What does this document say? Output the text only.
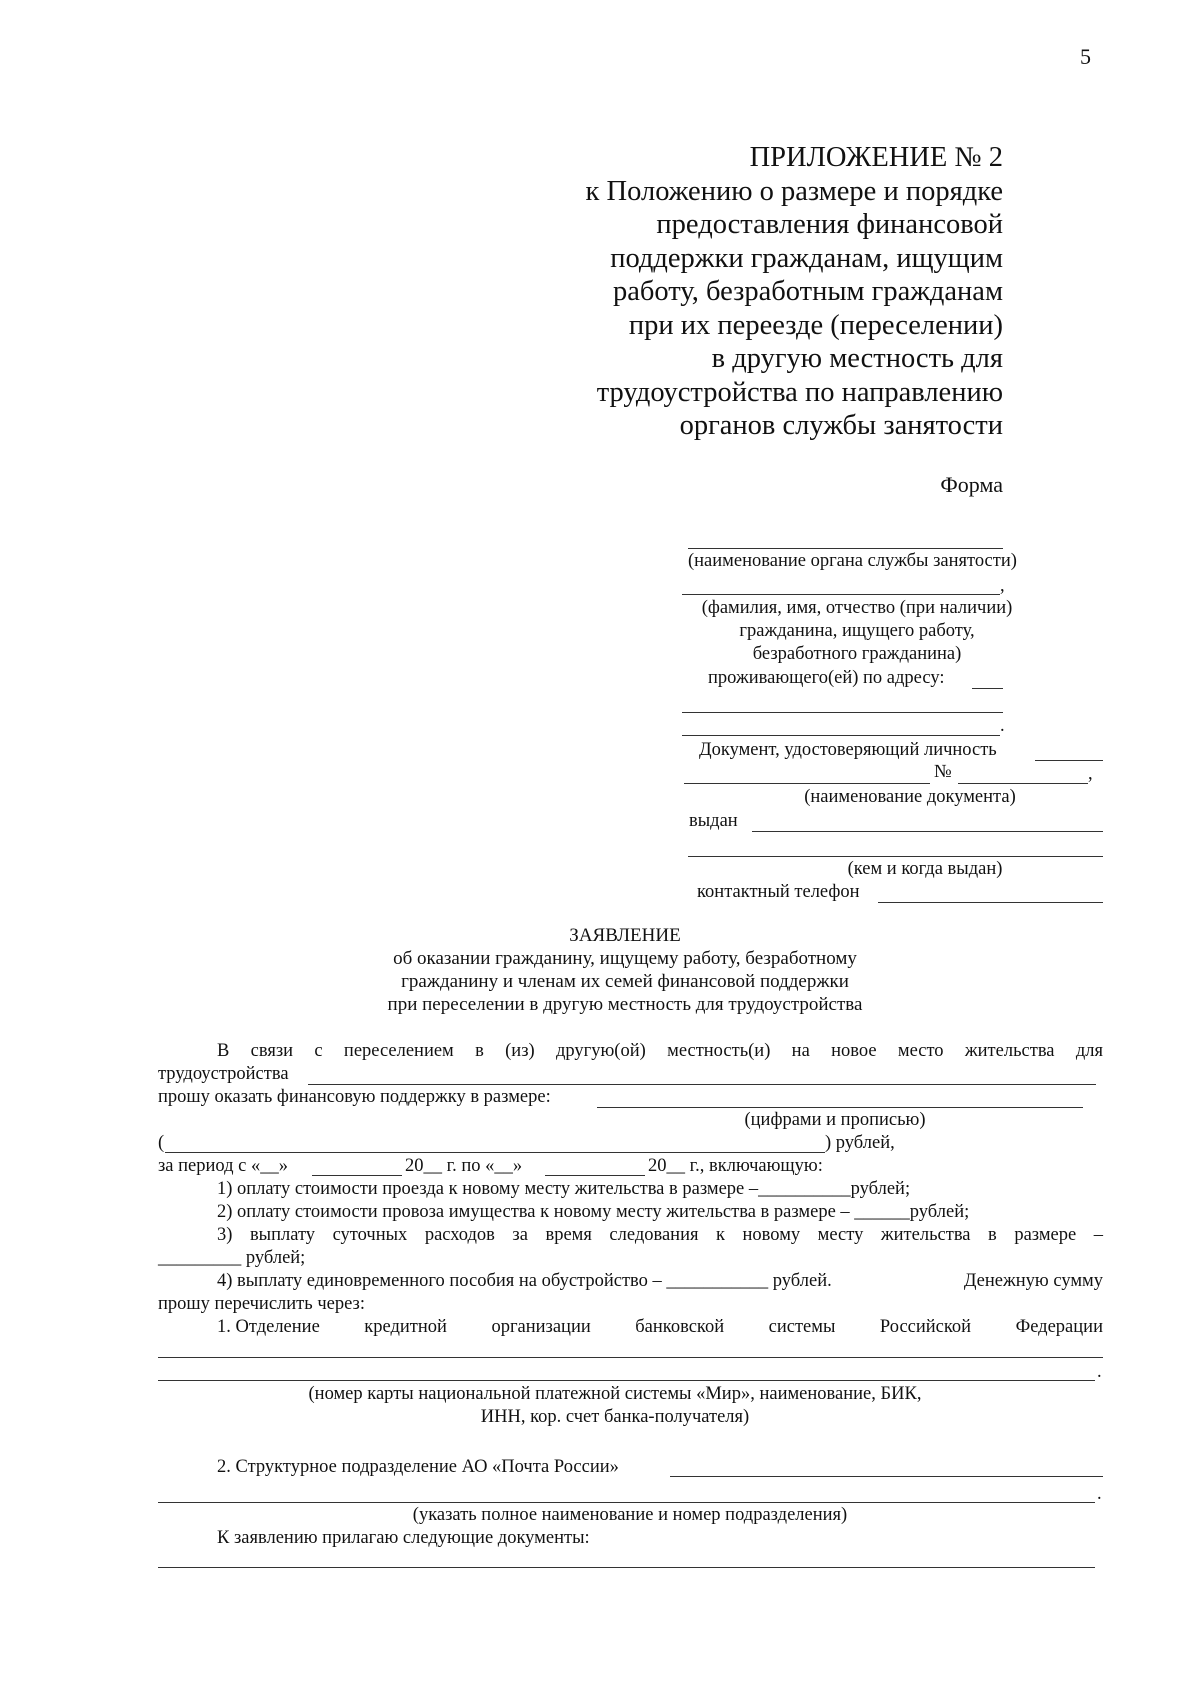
5
ПРИЛОЖЕНИЕ № 2
к Положению о размере и порядке
предоставления финансовой
поддержки гражданам, ищущим
работу, безработным гражданам
при их переезде (переселении)
в другую местность для
трудоустройства по направлению
органов службы занятости
Форма
(наименование органа службы занятости)
,
(фамилия, имя, отчество (при наличии)
гражданина, ищущего работу,
безработного гражданина)
проживающего(ей) по адресу:
.
Документ, удостоверяющий личность
№	,
(наименование документа)
выдан
(кем и когда выдан)
контактный телефон
ЗАЯВЛЕНИЕ
об оказании гражданину, ищущему работу, безработному
гражданину и членам их семей финансовой поддержки
при переселении в другую местность для трудоустройства
В связи с переселением в (из) другую(ой) местность(и) на новое место жительства для
трудоустройства
прошу оказать финансовую поддержку в размере:
(цифрами и прописью)
(	) рублей,
за период с «__»	20__ г. по «__»	20__ г., включающую:
1) оплату стоимости проезда к новому месту жительства в размере –__________рублей;
2) оплату стоимости провоза имущества к новому месту жительства в размере – ______рублей;
3) выплату суточных расходов за время следования к новому месту жительства в размере –
_________ рублей;
4) выплату единовременного пособия на обустройство – ___________ рублей.	Денежную сумму
прошу перечислить через:
1. Отделение кредитной организации банковской системы Российской Федерации
.
(номер карты национальной платежной системы «Мир», наименование, БИК,
ИНН, кор. счет банка-получателя)
2. Структурное подразделение АО «Почта России»
.
(указать полное наименование и номер подразделения)
К заявлению прилагаю следующие документы:
